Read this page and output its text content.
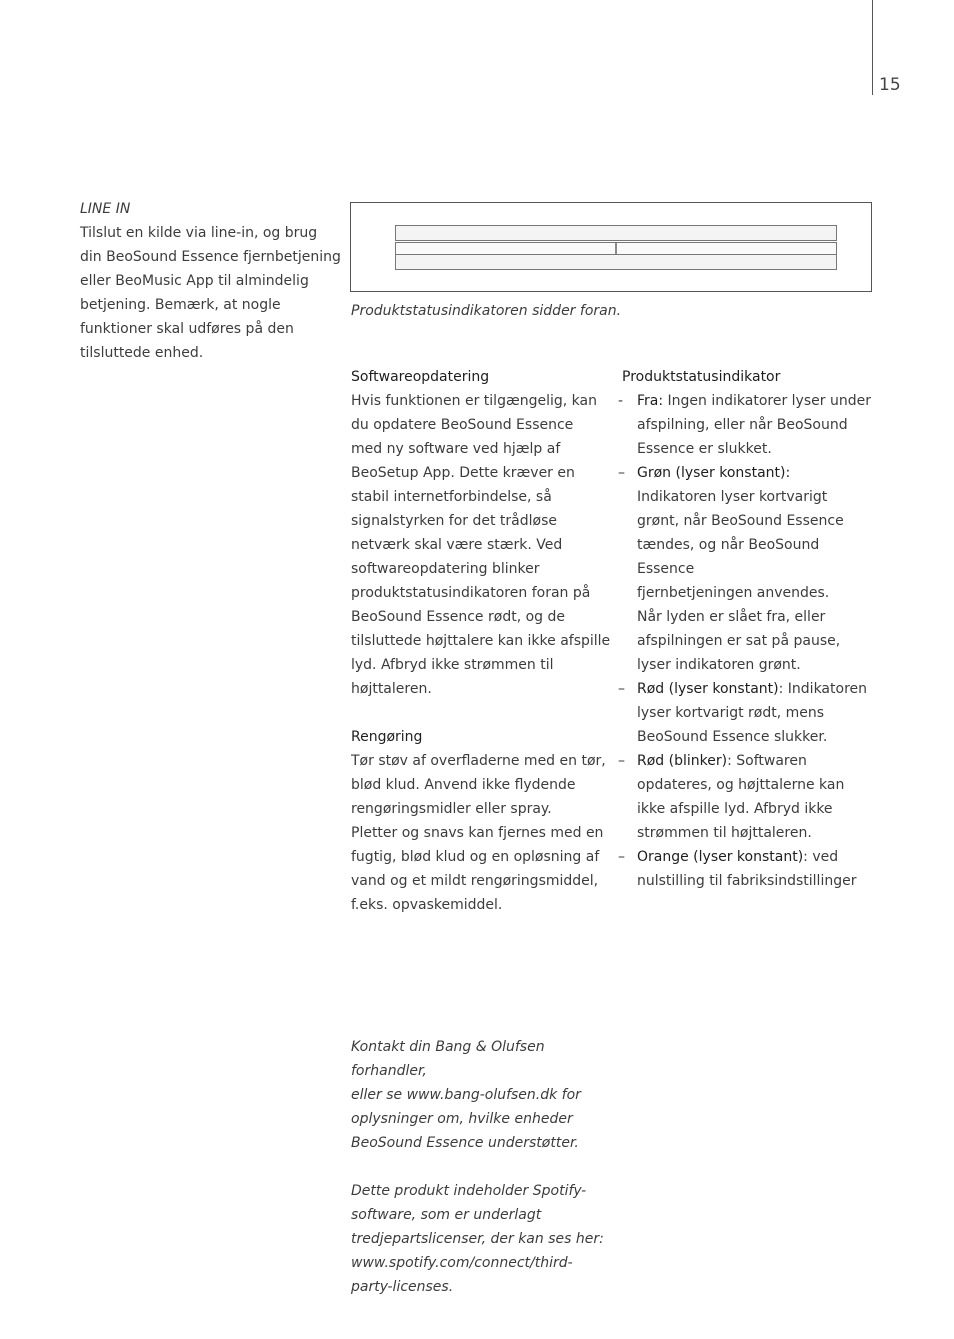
15

LINE IN

Tilslut en kilde via line-in, og brug
din BeoSound Essence fjernbetjening
eller BeoMusic App til almindelig
betjening. Bemærk, at nogle
funktioner skal udføres på den
tilsluttede enhed.

Produktstatusindikatoren sidder foran.

Softwareopdatering

Hvis funktionen er tilgængelig, kan
du opdatere BeoSound Essence
med ny software ved hjælp af
BeoSetup App. Dette kræver en
stabil internetforbindelse, så
signalstyrken for det trådløse
netværk skal være stærk. Ved
softwareopdatering blinker
produktstatusindikatoren foran på
BeoSound Essence rødt, og de
tilsluttede højttalere kan ikke afspille
lyd. Afbryd ikke strømmen til
højttaleren.

Rengøring

Tør støv af overfladerne med en tør,
blød klud. Anvend ikke flydende
rengøringsmidler eller spray.
Pletter og snavs kan fjernes med en
fugtig, blød klud og en opløsning af
vand og et mildt rengøringsmiddel,
f.eks. opvaskemiddel.

Produktstatusindikator

- Fra: Ingen indikatorer lyser under
afspilning, eller når BeoSound
Essence er slukket.

– Grøn (lyser konstant):
Indikatoren lyser kortvarigt
grønt, når BeoSound Essence
tændes, og når BeoSound Essence
fjernbetjeningen anvendes.
Når lyden er slået fra, eller
afspilningen er sat på pause,
lyser indikatoren grønt.

– Rød (lyser konstant): Indikatoren
lyser kortvarigt rødt, mens
BeoSound Essence slukker.

– Rød (blinker): Softwaren
opdateres, og højttalerne kan
ikke afspille lyd. Afbryd ikke
strømmen til højttaleren.

– Orange (lyser konstant): ved
nulstilling til fabriksindstillinger

Kontakt din Bang & Olufsen forhandler,
eller se www.bang-olufsen.dk for
oplysninger om, hvilke enheder
BeoSound Essence understøtter.

Dette produkt indeholder Spotify-
software, som er underlagt
tredjepartslicenser, der kan ses her:
www.spotify.com/connect/third-
party-licenses.
